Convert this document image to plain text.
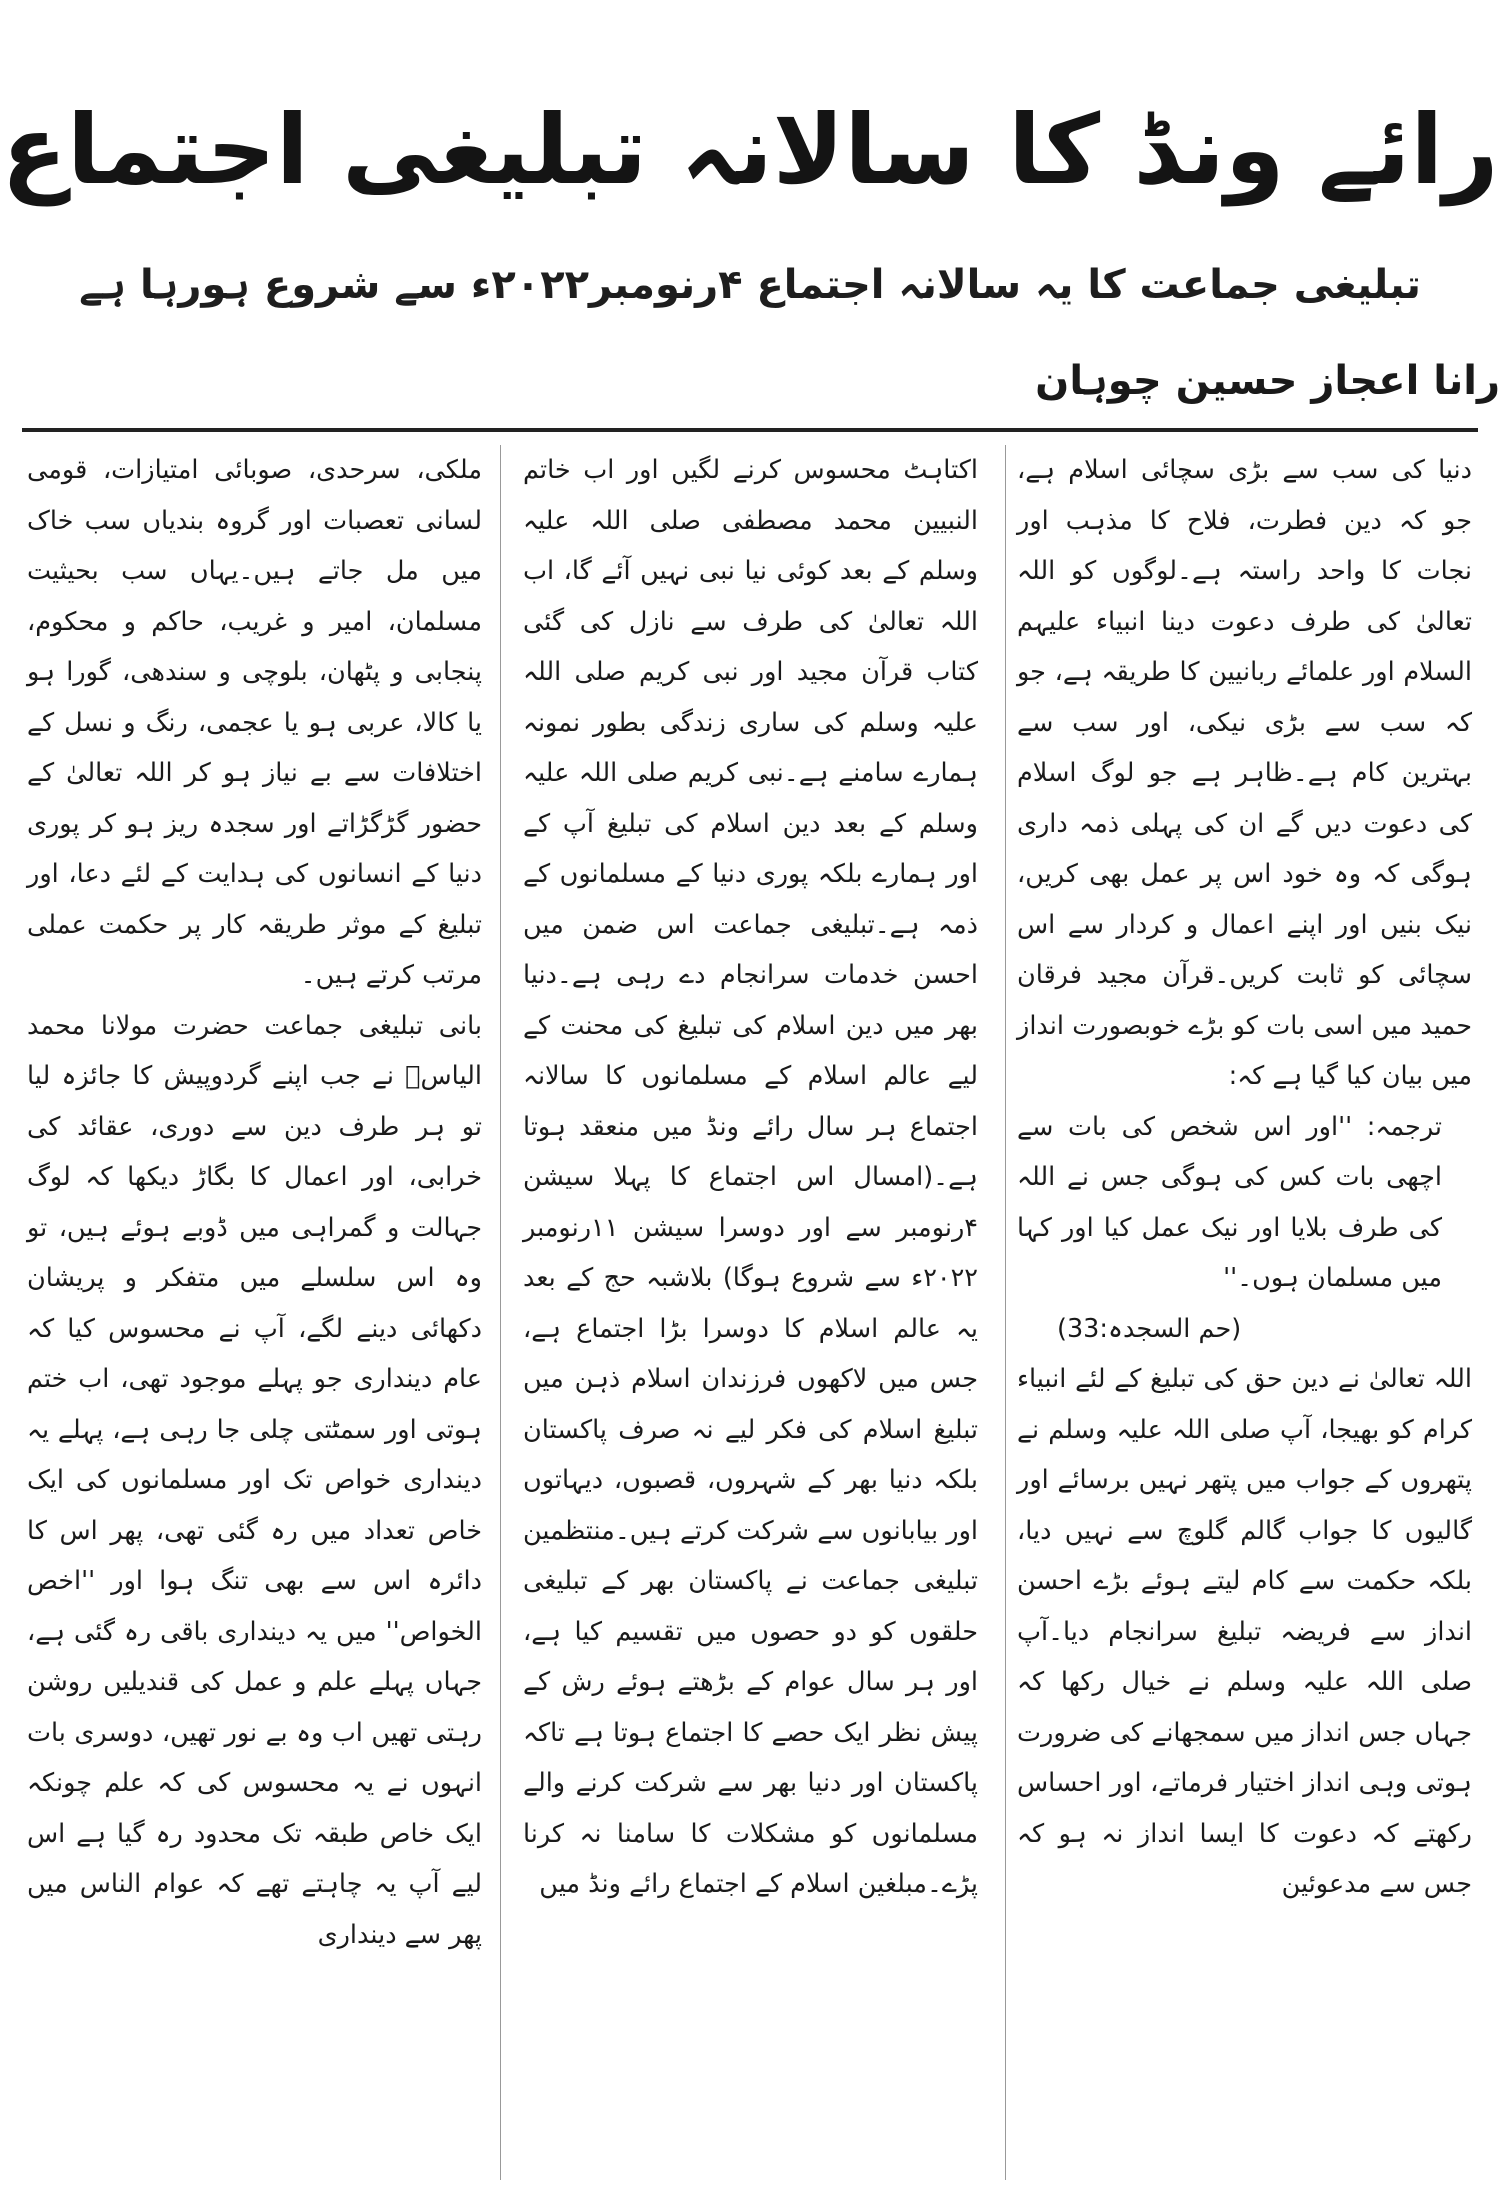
رائے ونڈ کا سالانہ تبلیغی اجتماع
تبلیغی جماعت کا یہ سالانہ اجتماع ۴رنومبر۲۰۲۲ء سے شروع ہورہا ہے
رانا اعجاز حسین چوہان

دنیا کی سب سے بڑی سچائی اسلام ہے، جو کہ دین فطرت، فلاح کا مذہب اور نجات کا واحد راستہ ہے۔لوگوں کو اللہ تعالیٰ کی طرف دعوت دینا انبیاء علیہم السلام اور علمائے ربانیین کا طریقہ ہے، جو کہ سب سے بڑی نیکی، اور سب سے بہترین کام ہے۔ظاہر ہے جو لوگ اسلام کی دعوت دیں گے ان کی پہلی ذمہ داری ہوگی کہ وہ خود اس پر عمل بھی کریں، نیک بنیں اور اپنے اعمال و کردار سے اس سچائی کو ثابت کریں۔قرآن مجید فرقان حمید میں اسی بات کو بڑے خوبصورت انداز میں بیان کیا گیا ہے کہ:

ترجمہ: ''اور اس شخص کی بات سے اچھی بات کس کی ہوگی جس نے اللہ کی طرف بلایا اور نیک عمل کیا اور کہا میں مسلمان ہوں۔''

(حم السجدہ:33)

اللہ تعالیٰ نے دین حق کی تبلیغ کے لئے انبیاء کرام کو بھیجا، آپ صلی اللہ علیہ وسلم نے پتھروں کے جواب میں پتھر نہیں برسائے اور گالیوں کا جواب گالم گلوچ سے نہیں دیا، بلکہ حکمت سے کام لیتے ہوئے بڑے احسن انداز سے فریضہ تبلیغ سرانجام دیا۔آپ صلی اللہ علیہ وسلم نے خیال رکھا کہ جہاں جس انداز میں سمجھانے کی ضرورت ہوتی وہی انداز اختیار فرماتے، اور احساس رکھتے کہ دعوت کا ایسا انداز نہ ہو کہ جس سے مدعوئین

اکتاہٹ محسوس کرنے لگیں اور اب خاتم النبیین محمد مصطفی صلی اللہ علیہ وسلم کے بعد کوئی نیا نبی نہیں آئے گا، اب اللہ تعالیٰ کی طرف سے نازل کی گئی کتاب قرآن مجید اور نبی کریم صلی اللہ علیہ وسلم کی ساری زندگی بطور نمونہ ہمارے سامنے ہے۔نبی کریم صلی اللہ علیہ وسلم کے بعد دین اسلام کی تبلیغ آپ کے اور ہمارے بلکہ پوری دنیا کے مسلمانوں کے ذمہ ہے۔تبلیغی جماعت اس ضمن میں احسن خدمات سرانجام دے رہی ہے۔دنیا بھر میں دین اسلام کی تبلیغ کی محنت کے لیے عالم اسلام کے مسلمانوں کا سالانہ اجتماع ہر سال رائے ونڈ میں منعقد ہوتا ہے۔(امسال اس اجتماع کا پہلا سیشن ۴رنومبر سے اور دوسرا سیشن ۱۱رنومبر ۲۰۲۲ء سے شروع ہوگا) بلاشبہ حج کے بعد یہ عالم اسلام کا دوسرا بڑا اجتماع ہے، جس میں لاکھوں فرزندان اسلام ذہن میں تبلیغ اسلام کی فکر لیے نہ صرف پاکستان بلکہ دنیا بھر کے شہروں، قصبوں، دیہاتوں اور بیابانوں سے شرکت کرتے ہیں۔منتظمین تبلیغی جماعت نے پاکستان بھر کے تبلیغی حلقوں کو دو حصوں میں تقسیم کیا ہے، اور ہر سال عوام کے بڑھتے ہوئے رش کے پیش نظر ایک حصے کا اجتماع ہوتا ہے تاکہ پاکستان اور دنیا بھر سے شرکت کرنے والے مسلمانوں کو مشکلات کا سامنا نہ کرنا پڑے۔مبلغین اسلام کے اجتماع رائے ونڈ میں

ملکی، سرحدی، صوبائی امتیازات، قومی لسانی تعصبات اور گروہ بندیاں سب خاک میں مل جاتے ہیں۔یہاں سب بحیثیت مسلمان، امیر و غریب، حاکم و محکوم، پنجابی و پٹھان، بلوچی و سندھی، گورا ہو یا کالا، عربی ہو یا عجمی، رنگ و نسل کے اختلافات سے بے نیاز ہو کر اللہ تعالیٰ کے حضور گڑگڑاتے اور سجدہ ریز ہو کر پوری دنیا کے انسانوں کی ہدایت کے لئے دعا، اور تبلیغ کے موثر طریقہ کار پر حکمت عملی مرتب کرتے ہیں۔

بانی تبلیغی جماعت حضرت مولانا محمد الیاسؒ نے جب اپنے گردوپیش کا جائزہ لیا تو ہر طرف دین سے دوری، عقائد کی خرابی، اور اعمال کا بگاڑ دیکھا کہ لوگ جہالت و گمراہی میں ڈوبے ہوئے ہیں، تو وہ اس سلسلے میں متفکر و پریشان دکھائی دینے لگے، آپ نے محسوس کیا کہ عام دینداری جو پہلے موجود تھی، اب ختم ہوتی اور سمٹتی چلی جا رہی ہے، پہلے یہ دینداری خواص تک اور مسلمانوں کی ایک خاص تعداد میں رہ گئی تھی، پھر اس کا دائرہ اس سے بھی تنگ ہوا اور ''اخص الخواص'' میں یہ دینداری باقی رہ گئی ہے، جہاں پہلے علم و عمل کی قندیلیں روشن رہتی تھیں اب وہ بے نور تھیں، دوسری بات انہوں نے یہ محسوس کی کہ علم چونکہ ایک خاص طبقہ تک محدود رہ گیا ہے اس لیے آپ یہ چاہتے تھے کہ عوام الناس میں پھر سے دینداری
